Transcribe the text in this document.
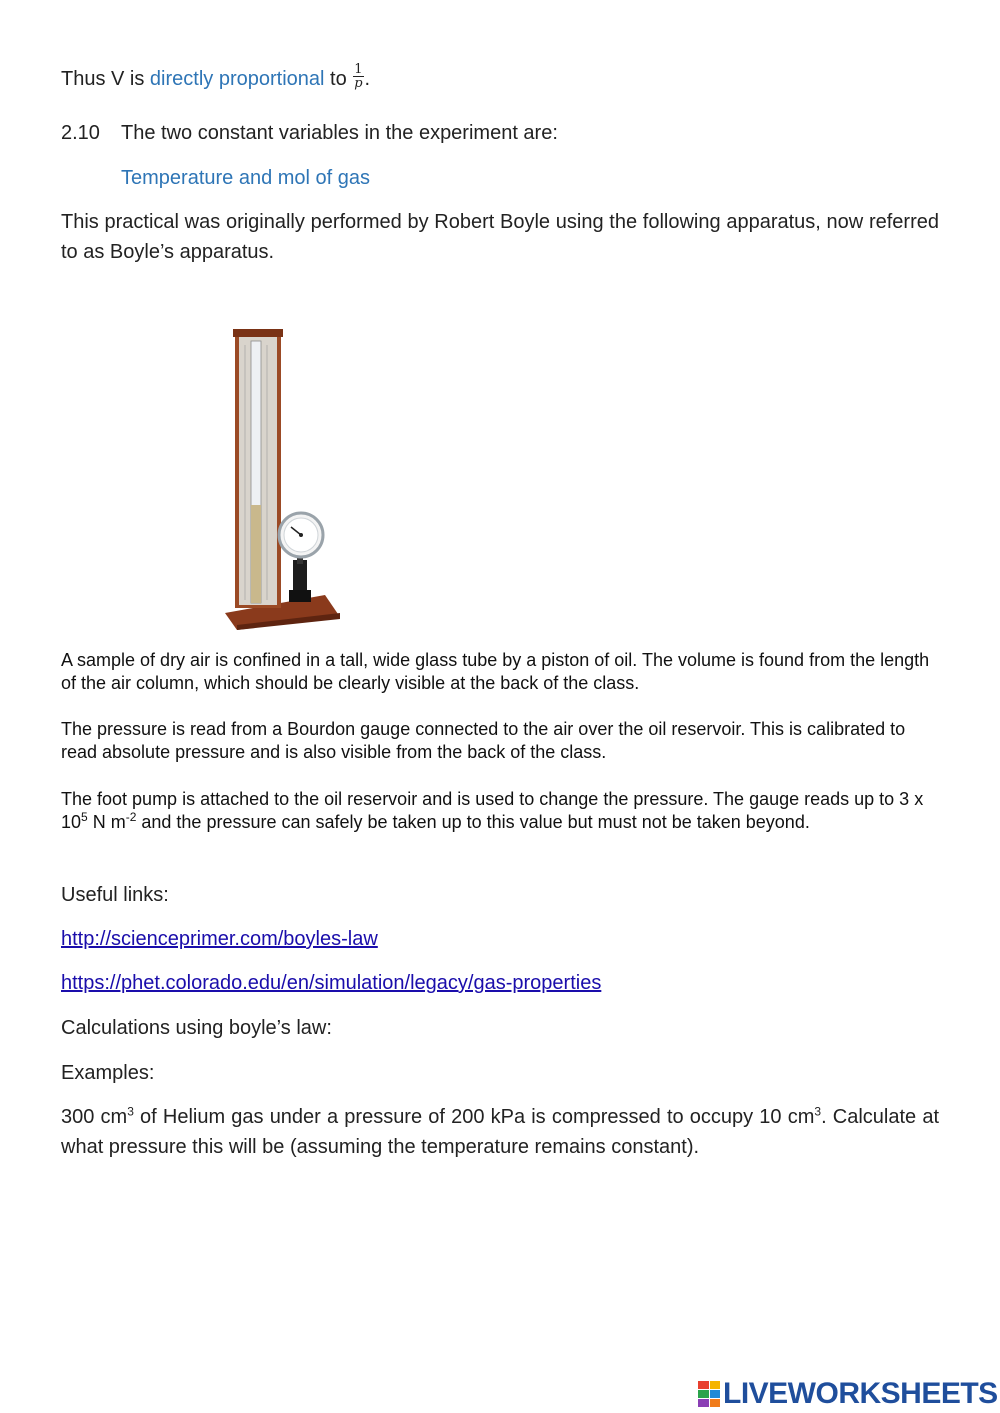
Thus V is directly proportional to $\frac{1}{p}$ .
2.10 The two constant variables in the experiment are:
Temperature and mol of gas
This practical was originally performed by Robert Boyle using the following apparatus, now referred to as Boyle’s apparatus.
A sample of dry air is confined in a tall, wide glass tube by a piston of oil. The volume is found from the length of the air column, which should be clearly visible at the back of the class.
The pressure is read from a Bourdon gauge connected to the air over the oil reservoir. This is calibrated to read absolute pressure and is also visible from the back of the class.
The foot pump is attached to the oil reservoir and is used to change the pressure. The gauge reads up to 3 x $10^5$ N $m^{-2}$ and the pressure can safely be taken up to this value but must not be taken beyond.
Useful links:
http://scienceprimer.com/boyles-law
https://phet.colorado.edu/en/simulation/legacy/gas-properties
Calculations using boyle’s law:
Examples:
300 $cm^3$ of Helium gas under a pressure of 200 kPa is compressed to occupy 10 $cm^3$. Calculate at what pressure this will be (assuming the temperature remains constant).
LIVEWORKSHEETS
